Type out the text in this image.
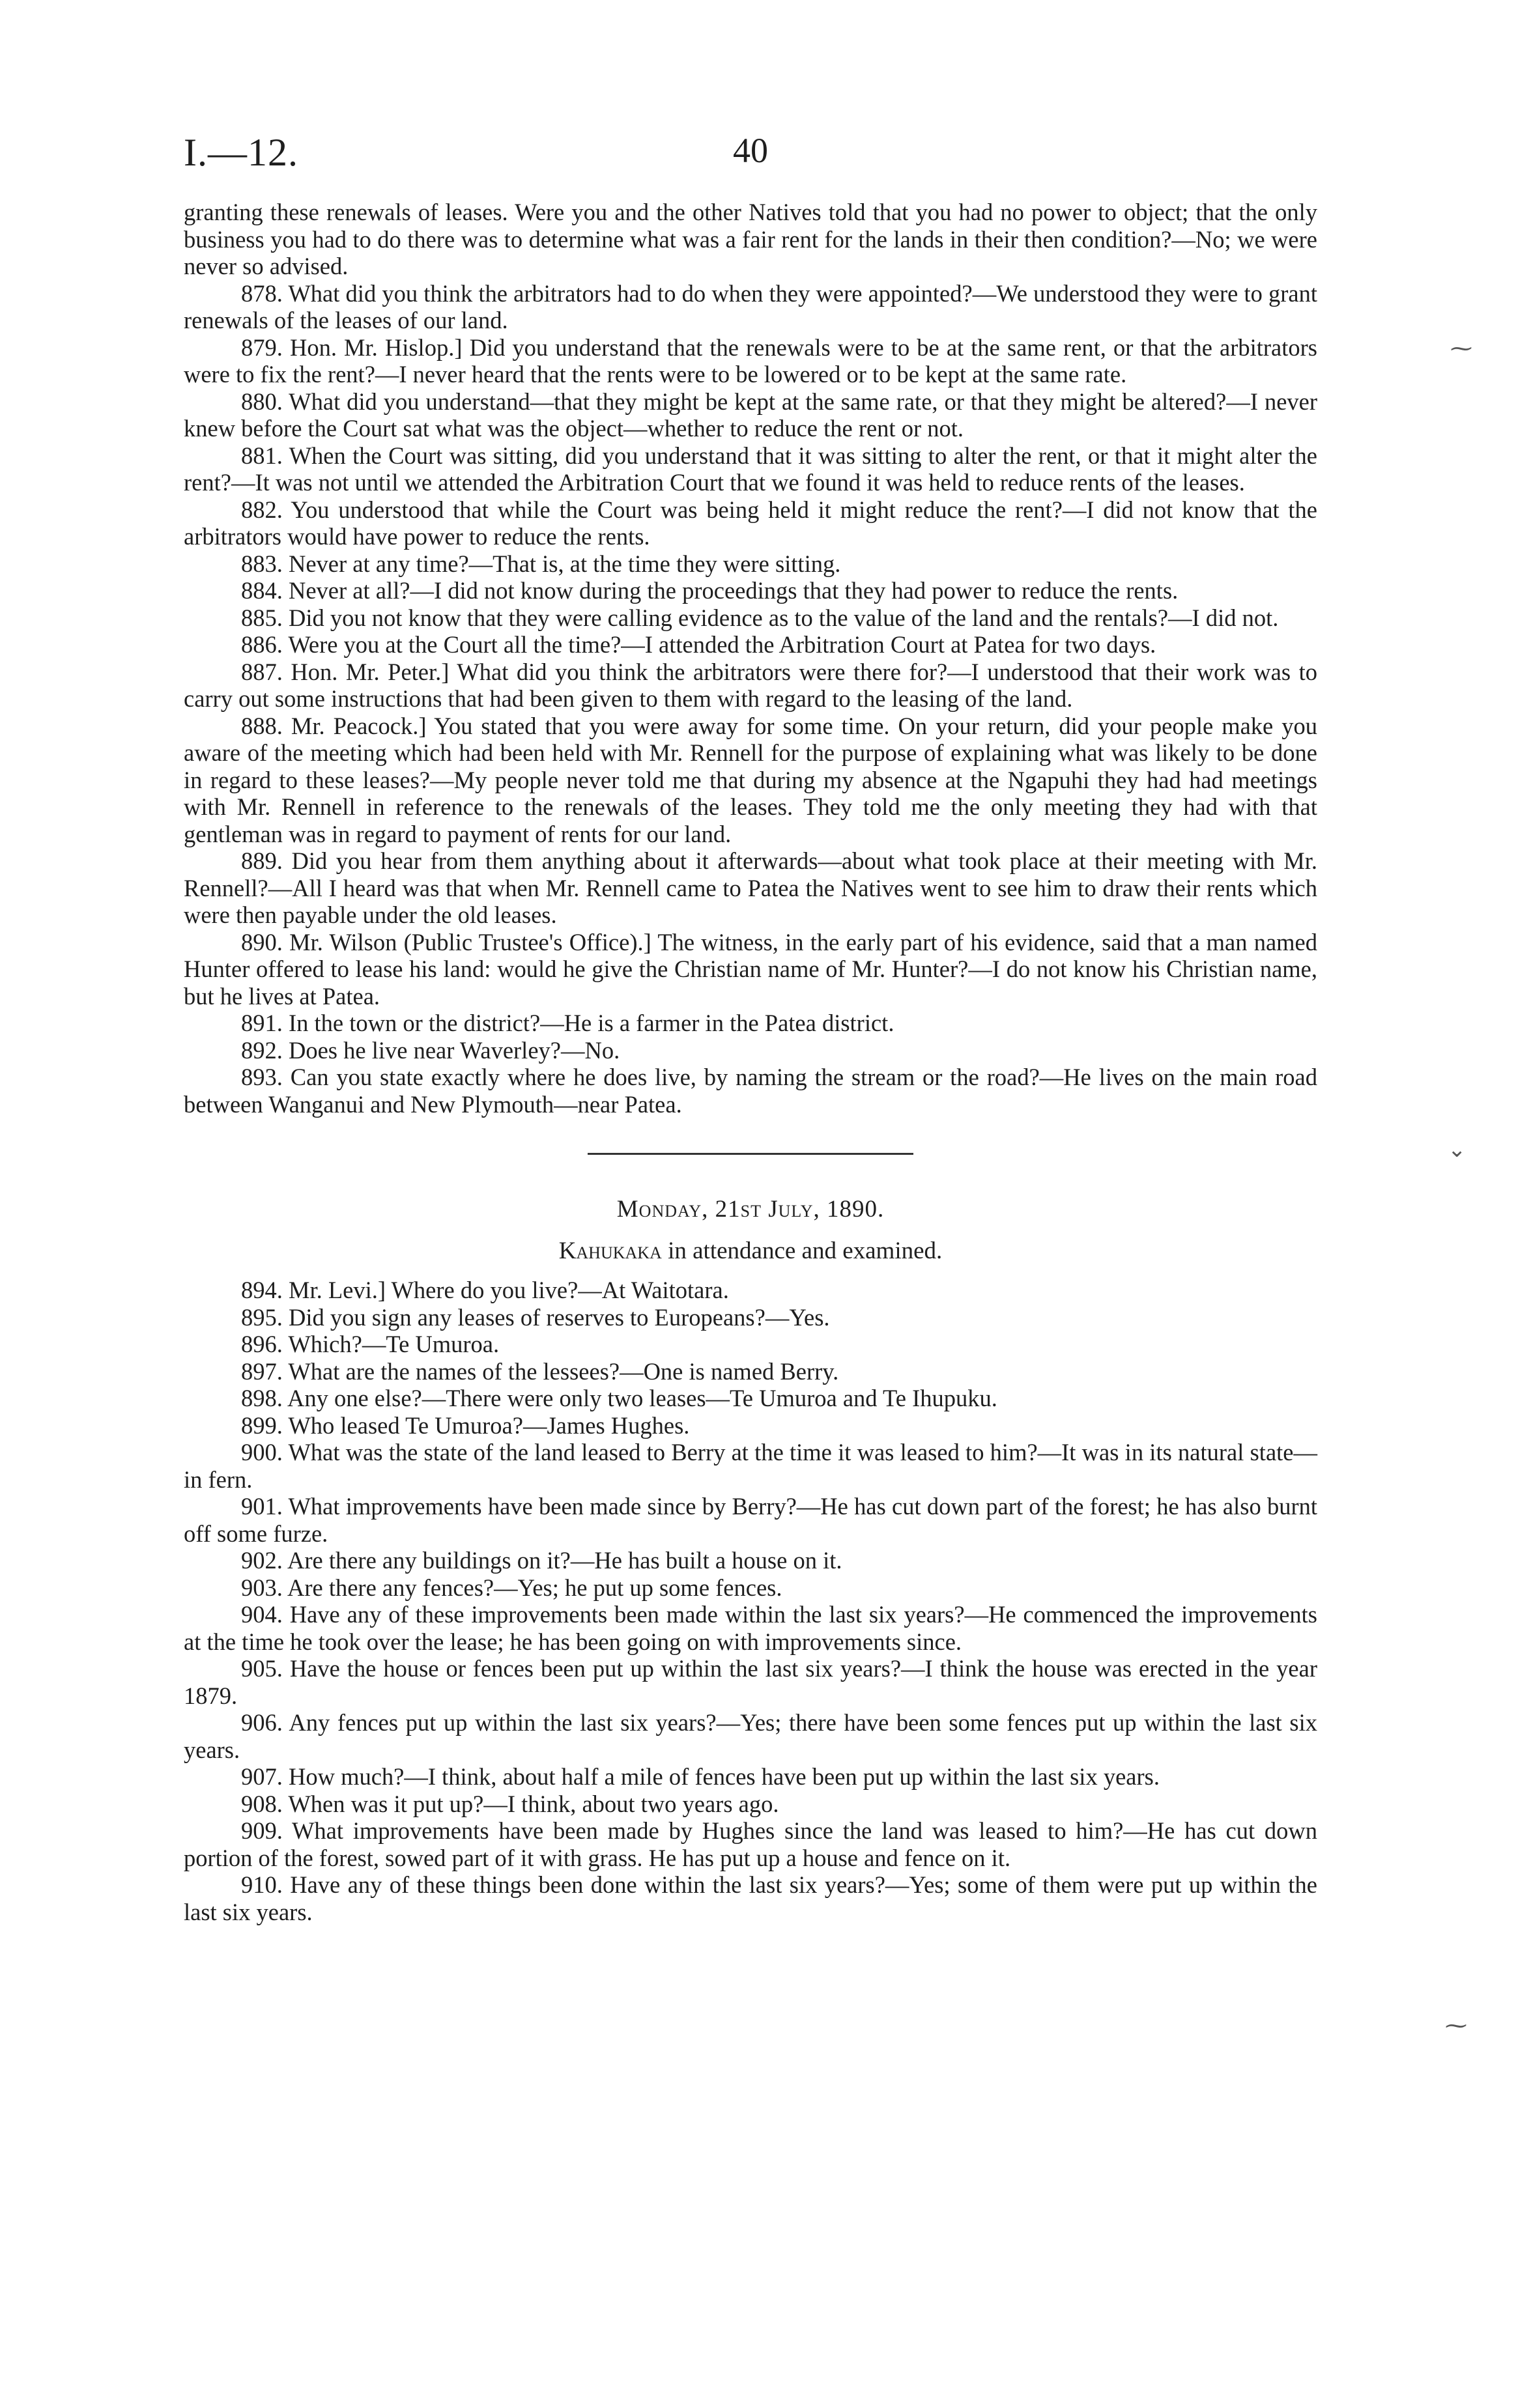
I.—12.	40

granting these renewals of leases. Were you and the other Natives told that you had no power to object; that the only business you had to do there was to determine what was a fair rent for the lands in their then condition?—No; we were never so advised.

878. What did you think the arbitrators had to do when they were appointed?—We understood they were to grant renewals of the leases of our land.

879. Hon. Mr. Hislop.] Did you understand that the renewals were to be at the same rent, or that the arbitrators were to fix the rent?—I never heard that the rents were to be lowered or to be kept at the same rate.

880. What did you understand—that they might be kept at the same rate, or that they might be altered?—I never knew before the Court sat what was the object—whether to reduce the rent or not.

881. When the Court was sitting, did you understand that it was sitting to alter the rent, or that it might alter the rent?—It was not until we attended the Arbitration Court that we found it was held to reduce rents of the leases.

882. You understood that while the Court was being held it might reduce the rent?—I did not know that the arbitrators would have power to reduce the rents.

883. Never at any time?—That is, at the time they were sitting.

884. Never at all?—I did not know during the proceedings that they had power to reduce the rents.

885. Did you not know that they were calling evidence as to the value of the land and the rentals?—I did not.

886. Were you at the Court all the time?—I attended the Arbitration Court at Patea for two days.

887. Hon. Mr. Peter.] What did you think the arbitrators were there for?—I understood that their work was to carry out some instructions that had been given to them with regard to the leasing of the land.

888. Mr. Peacock.] You stated that you were away for some time. On your return, did your people make you aware of the meeting which had been held with Mr. Rennell for the purpose of explaining what was likely to be done in regard to these leases?—My people never told me that during my absence at the Ngapuhi they had had meetings with Mr. Rennell in reference to the renewals of the leases. They told me the only meeting they had with that gentleman was in regard to payment of rents for our land.

889. Did you hear from them anything about it afterwards—about what took place at their meeting with Mr. Rennell?—All I heard was that when Mr. Rennell came to Patea the Natives went to see him to draw their rents which were then payable under the old leases.

890. Mr. Wilson (Public Trustee's Office).] The witness, in the early part of his evidence, said that a man named Hunter offered to lease his land: would he give the Christian name of Mr. Hunter?—I do not know his Christian name, but he lives at Patea.

891. In the town or the district?—He is a farmer in the Patea district.

892. Does he live near Waverley?—No.

893. Can you state exactly where he does live, by naming the stream or the road?—He lives on the main road between Wanganui and New Plymouth—near Patea.

Monday, 21st July, 1890.

Kahukaka in attendance and examined.

894. Mr. Levi.] Where do you live?—At Waitotara.

895. Did you sign any leases of reserves to Europeans?—Yes.

896. Which?—Te Umuroa.

897. What are the names of the lessees?—One is named Berry.

898. Any one else?—There were only two leases—Te Umuroa and Te Ihupuku.

899. Who leased Te Umuroa?—James Hughes.

900. What was the state of the land leased to Berry at the time it was leased to him?—It was in its natural state—in fern.

901. What improvements have been made since by Berry?—He has cut down part of the forest; he has also burnt off some furze.

902. Are there any buildings on it?—He has built a house on it.

903. Are there any fences?—Yes; he put up some fences.

904. Have any of these improvements been made within the last six years?—He commenced the improvements at the time he took over the lease; he has been going on with improvements since.

905. Have the house or fences been put up within the last six years?—I think the house was erected in the year 1879.

906. Any fences put up within the last six years?—Yes; there have been some fences put up within the last six years.

907. How much?—I think, about half a mile of fences have been put up within the last six years.

908. When was it put up?—I think, about two years ago.

909. What improvements have been made by Hughes since the land was leased to him?—He has cut down portion of the forest, sowed part of it with grass. He has put up a house and fence on it.

910. Have any of these things been done within the last six years?—Yes; some of them were put up within the last six years.

⁓
⌄
⁓
